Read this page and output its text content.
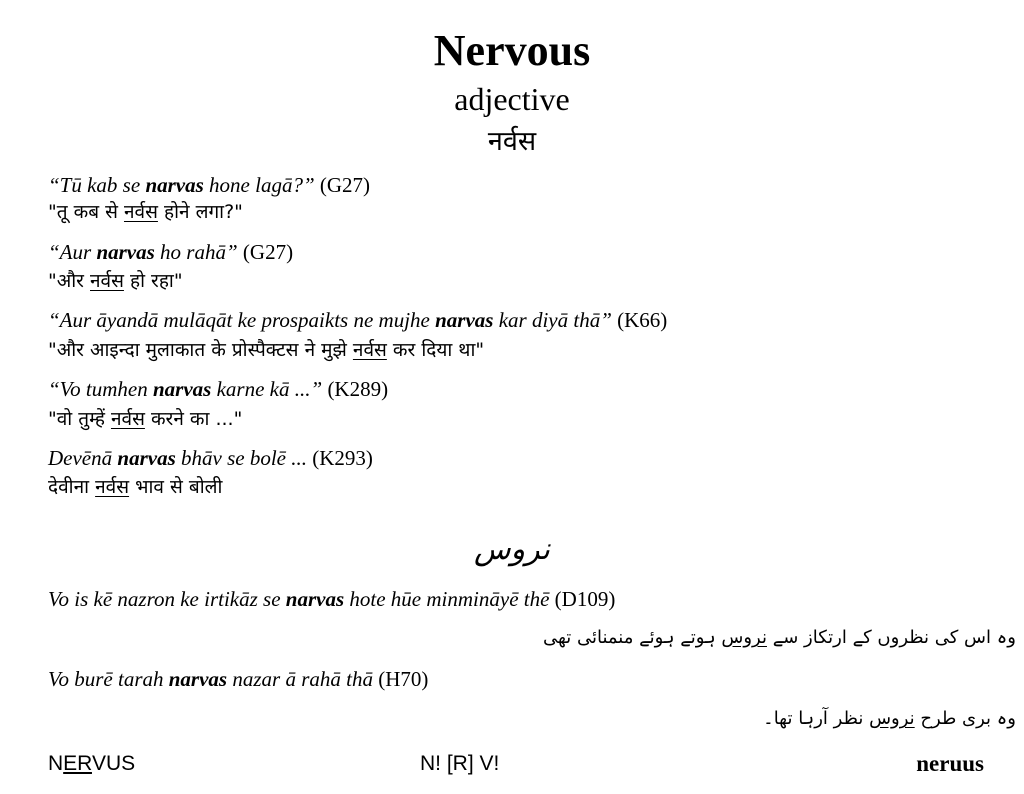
Nervous
adjective
नर्वस
“Tū kab se narvas hone lagā?” (G27)
"तू कब से नर्वस होने लगा?"
“Aur narvas ho rahā” (G27)
"और नर्वस हो रहा"
“Aur āyandā mulāqāt ke prospaikts ne mujhe narvas kar diyā thā” (K66)
"और आइन्दा मुलाकात के प्रोस्पैक्टस ने मुझे नर्वस कर दिया था"
“Vo tumhen narvas karne kā ...” (K289)
"वो तुम्हें नर्वस करने का ..."
Devēnā narvas bhāv se bolē ... (K293)
देवीना नर्वस भाव से बोली
نروس
Vo is kē nazron ke irtikāz se narvas hote hūe minmināyē thē (D109)
وہ اس کی نظروں کے ارتکاز سے نروس ہوتے ہوئے منمنائی تھی
Vo burē tarah narvas nazar ā rahā thā (H70)
وہ بری طرح نروس نظر آرہا تھا۔
NERVUS	N! [R] V!	neruus
